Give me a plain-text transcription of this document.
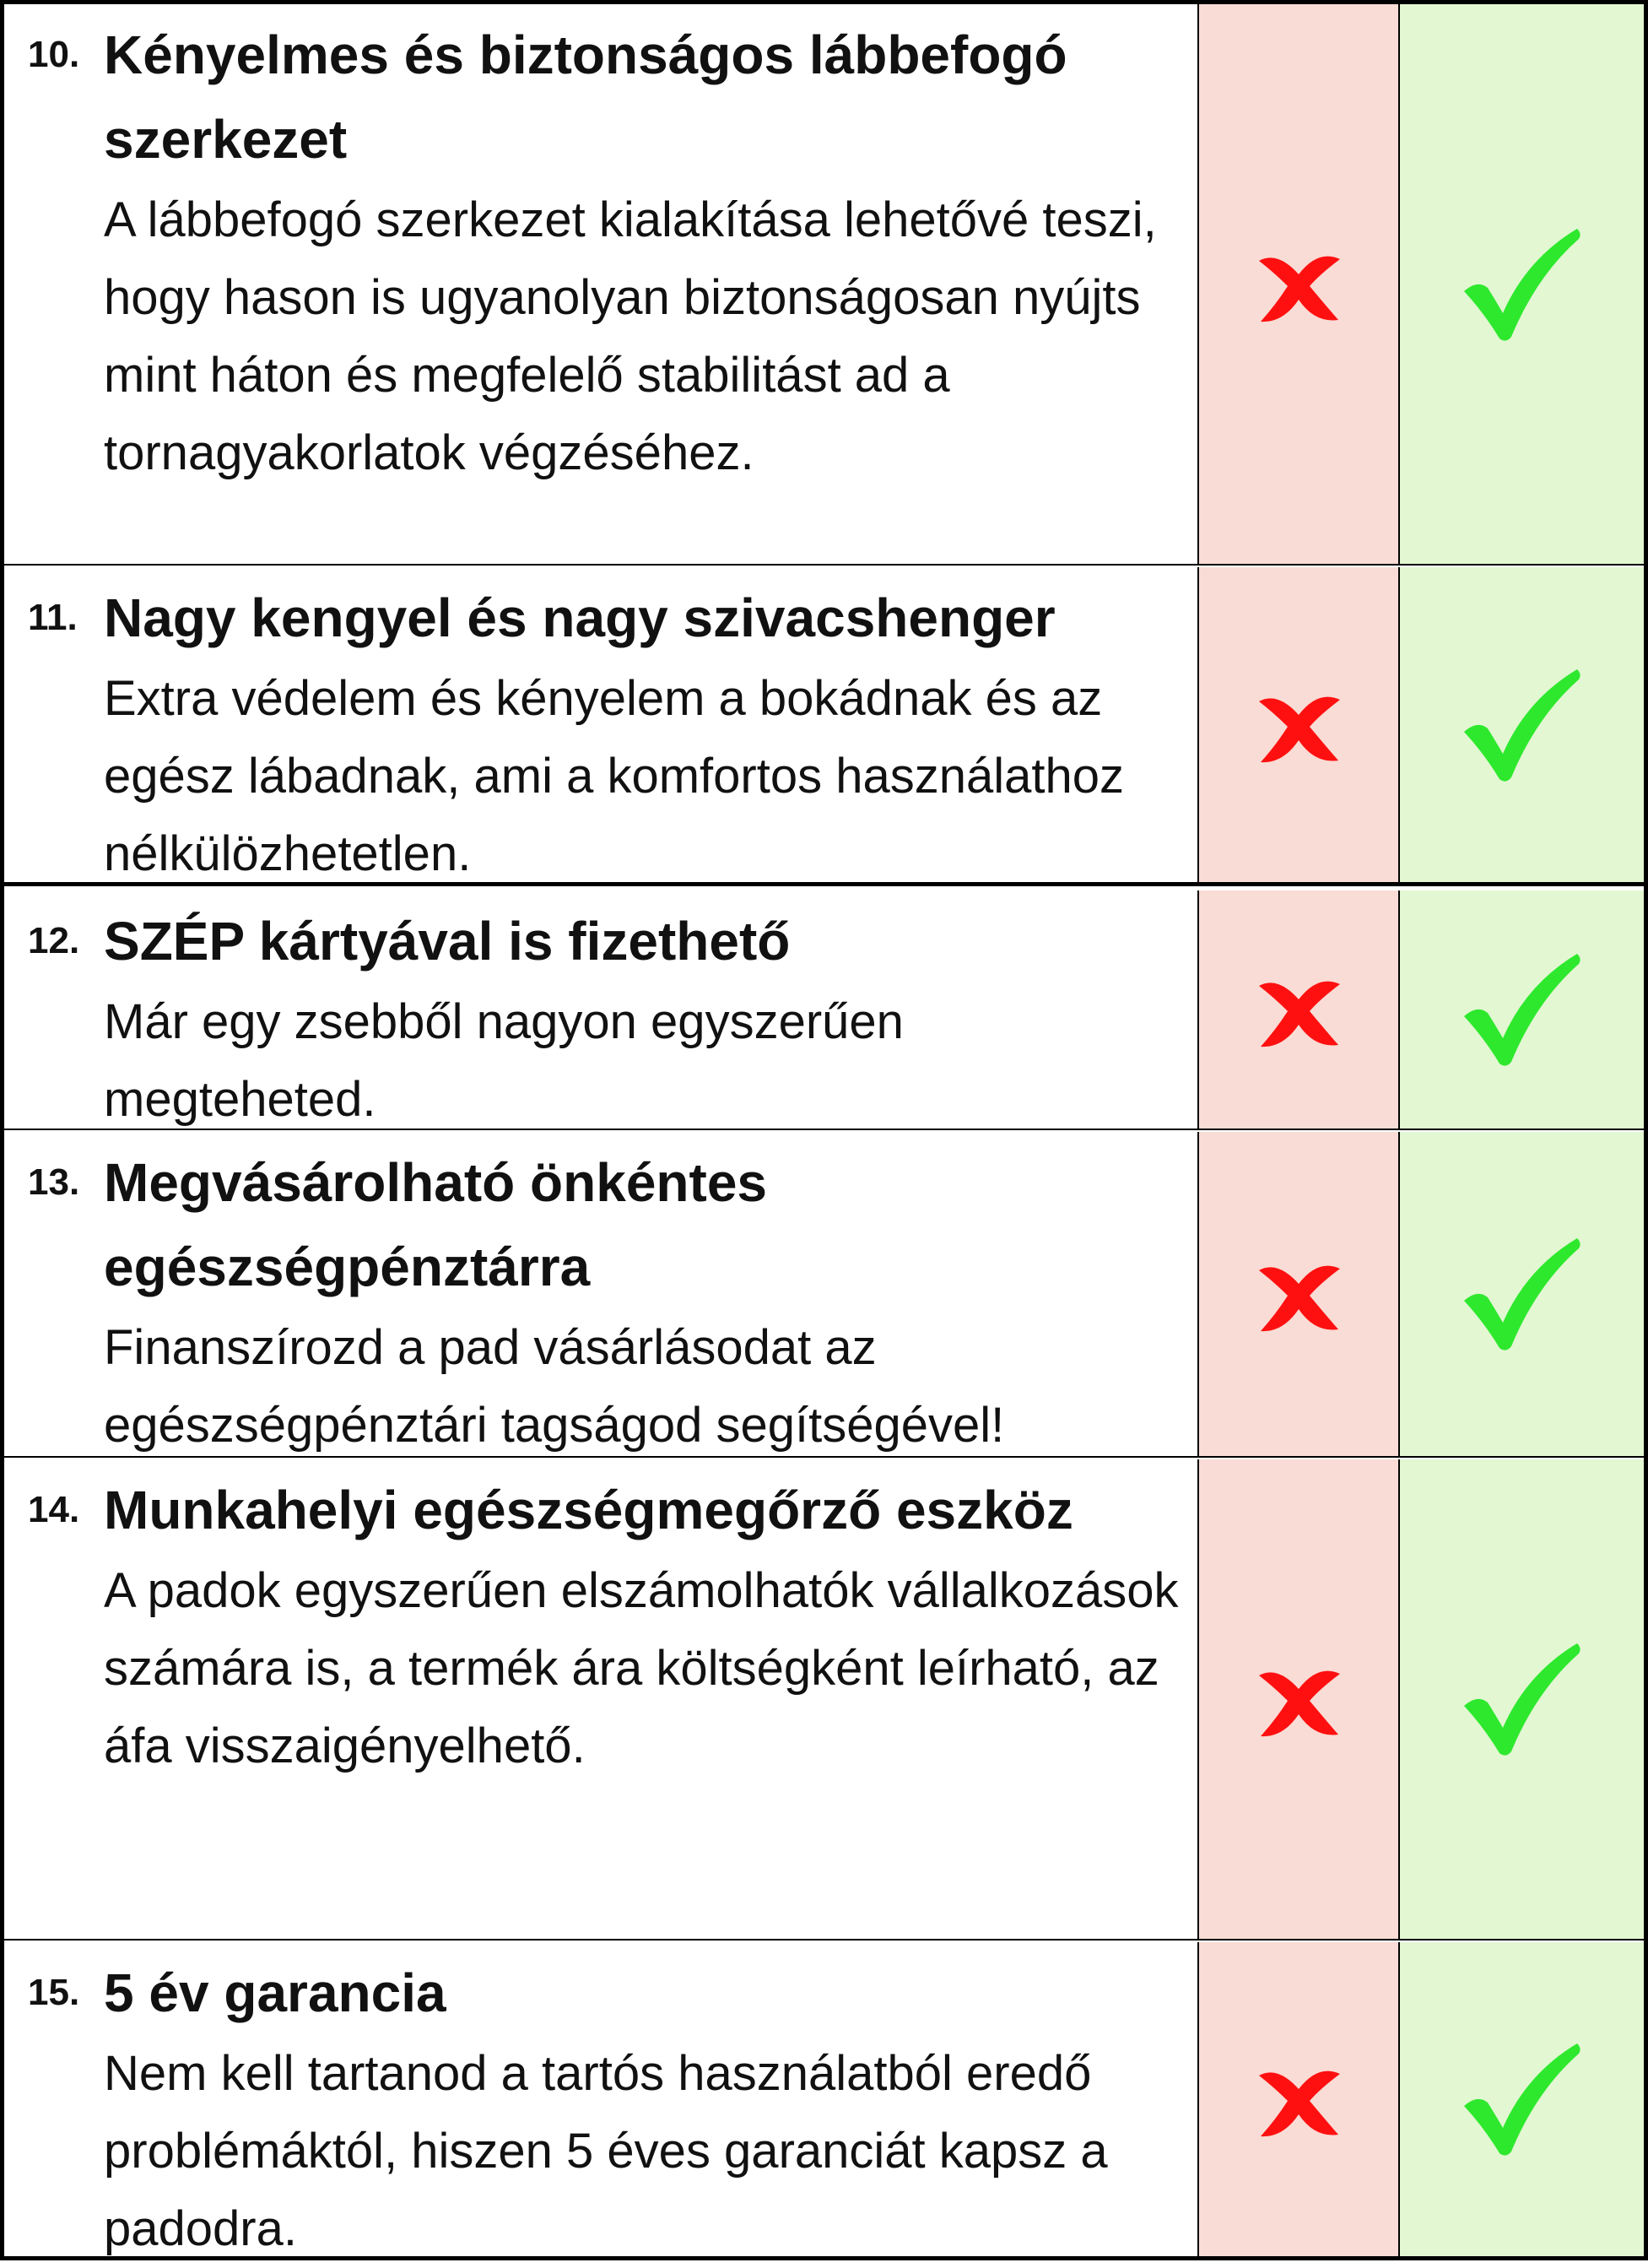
10. Kényelmes és biztonságos lábbefogó szerkezet

A lábbefogó szerkezet kialakítása lehetővé teszi, hogy hason is ugyanolyan biztonságosan nyújts mint háton és megfelelő stabilitást ad a tornagyakorlatok végzéséhez.

11. Nagy kengyel és nagy szivacshenger

Extra védelem és kényelem a bokádnak és az egész lábadnak, ami a komfortos használathoz nélkülözhetetlen.

12. SZÉP kártyával is fizethető

Már egy zsebből nagyon egyszerűen megteheted.

13. Megvásárolható önkéntes egészségpénztárra

Finanszírozd a pad vásárlásodat az egészségpénztári tagságod segítségével!

14. Munkahelyi egészségmegőrző eszköz

A padok egyszerűen elszámolhatók vállalkozások számára is, a termék ára költségként leírható, az áfa visszaigényelhető.

15. 5 év garancia

Nem kell tartanod a tartós használatból eredő problémáktól, hiszen 5 éves garanciát kapsz a padodra.
